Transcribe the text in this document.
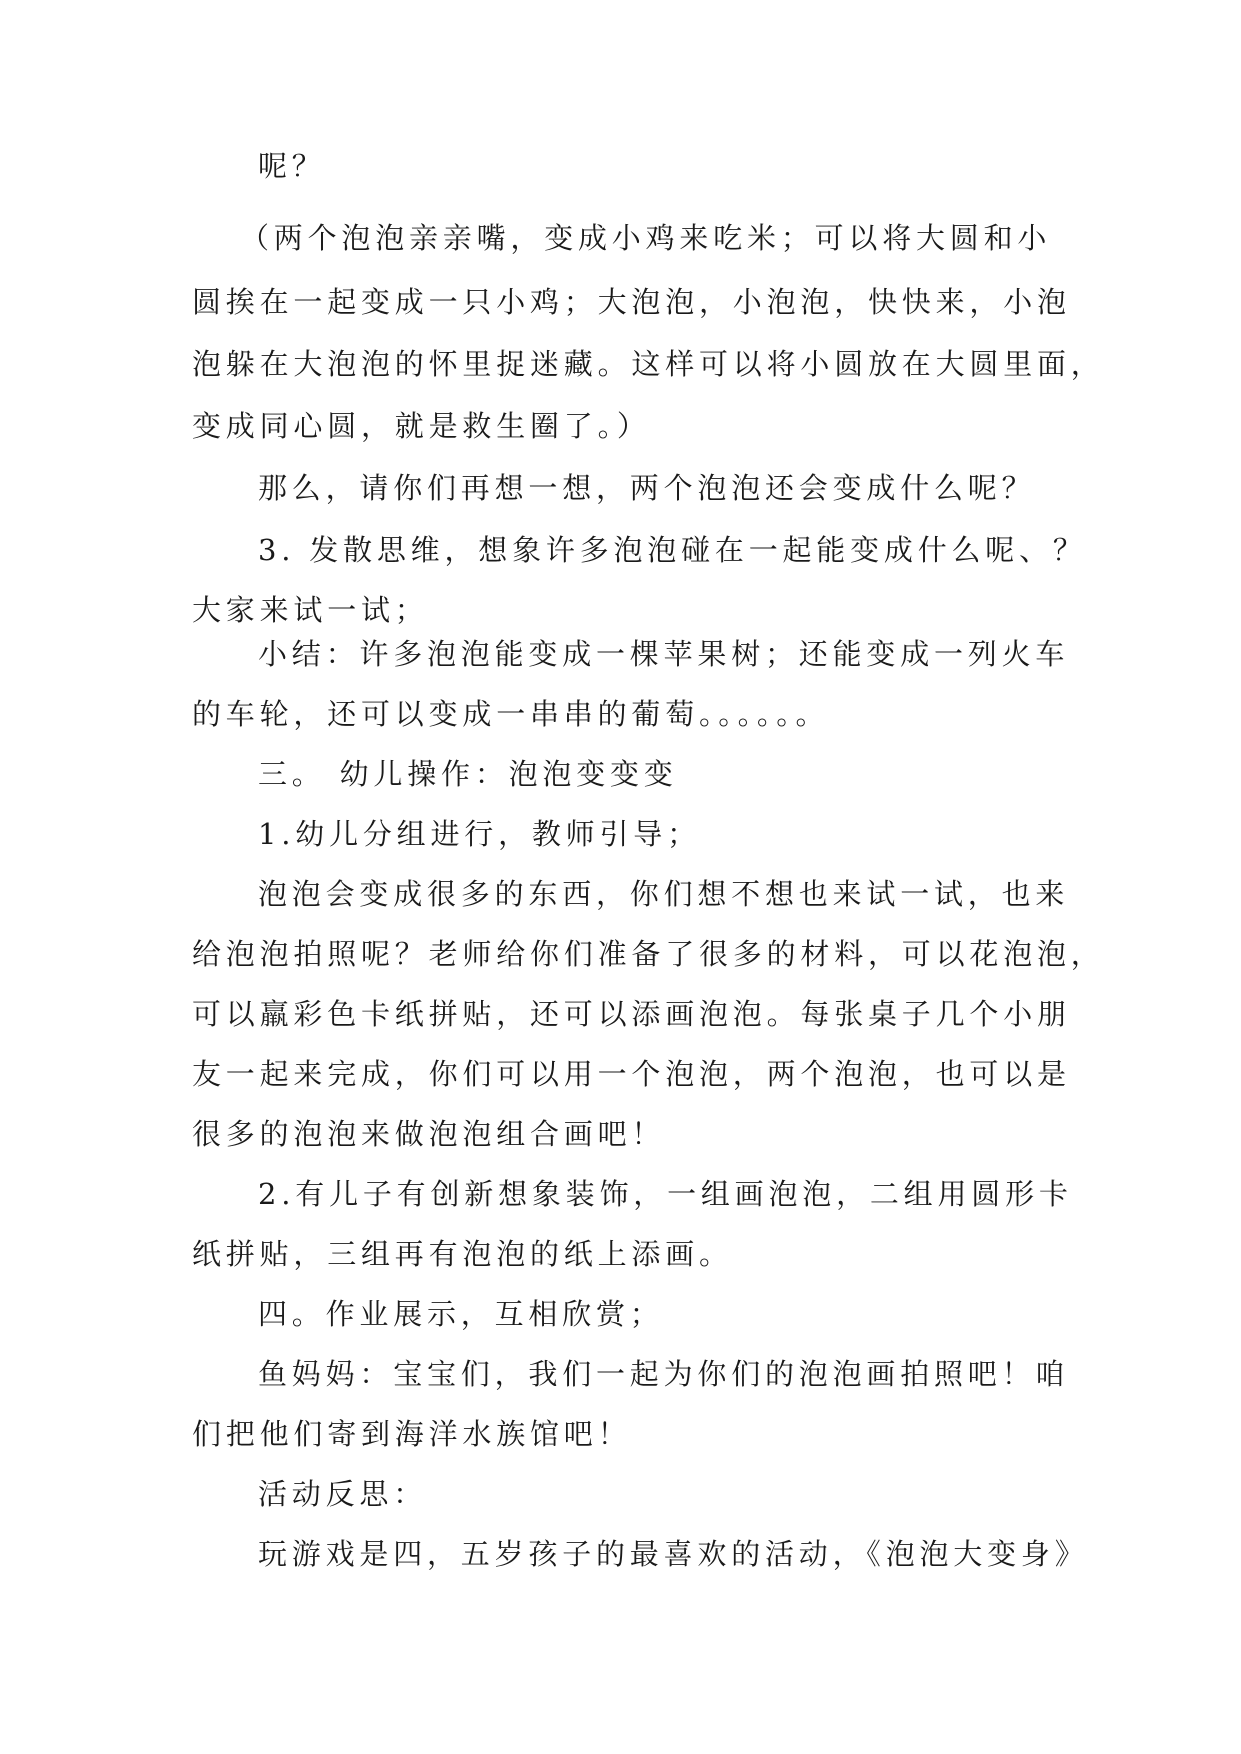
呢？
（两个泡泡亲亲嘴，变成小鸡来吃米；可以将大圆和小
圆挨在一起变成一只小鸡；大泡泡，小泡泡，快快来，小泡
泡躲在大泡泡的怀里捉迷藏。这样可以将小圆放在大圆里面，
变成同心圆，就是救生圈了。）
那么，请你们再想一想，两个泡泡还会变成什么呢？
3. 发散思维，想象许多泡泡碰在一起能变成什么呢、？
大家来试一试；
小结：许多泡泡能变成一棵苹果树；还能变成一列火车
的车轮，还可以变成一串串的葡萄。。。。。。
三。 幼儿操作：泡泡变变变
1.幼儿分组进行，教师引导；
泡泡会变成很多的东西，你们想不想也来试一试，也来
给泡泡拍照呢？老师给你们准备了很多的材料，可以花泡泡，
可以羸彩色卡纸拼贴，还可以添画泡泡。每张桌子几个小朋
友一起来完成，你们可以用一个泡泡，两个泡泡，也可以是
很多的泡泡来做泡泡组合画吧！
2.有儿子有创新想象装饰，一组画泡泡，二组用圆形卡
纸拼贴，三组再有泡泡的纸上添画。
四。作业展示，互相欣赏；
鱼妈妈：宝宝们，我们一起为你们的泡泡画拍照吧！咱
们把他们寄到海洋水族馆吧！
活动反思：
玩游戏是四，五岁孩子的最喜欢的活动，《泡泡大变身》
